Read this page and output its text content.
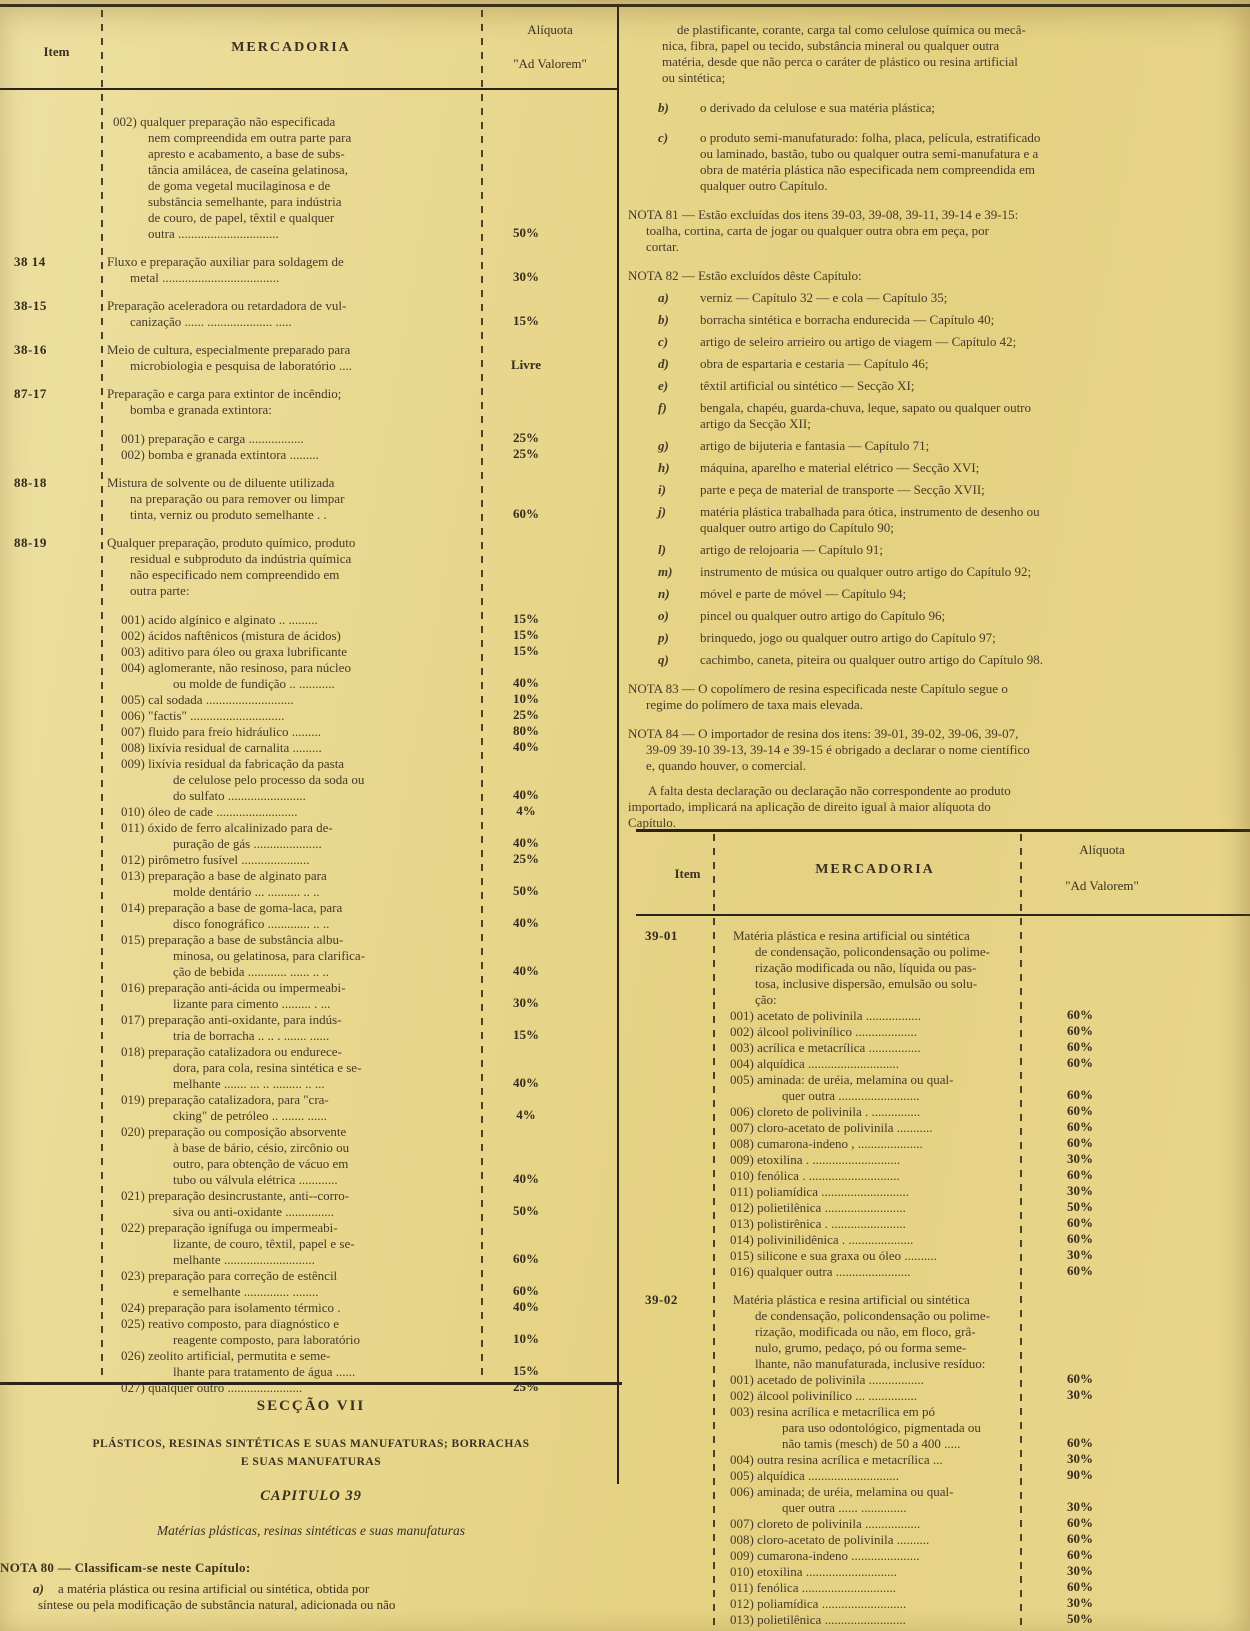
Item	MERCADORIA
Alíquota
"Ad Valorem"
002) qualquer preparação não especificada
nem compreendida em outra parte para
apresto e acabamento, a base de subs-
tância amilácea, de caseína gelatinosa,
de goma vegetal mucilaginosa e de
substância semelhante, para indústria
de couro, de papel, têxtil e qualquer
outra ...............................	50%
38 14	Fluxo e preparação auxiliar para soldagem de
metal ....................................	30%
38-15	Preparação aceleradora ou retardadora de vul-
canização ...... .................... .....	15%
38-16	Meio de cultura, especialmente preparado para
microbiologia e pesquisa de laboratório ....	Livre
87-17	Preparação e carga para extintor de incêndio;
bomba e granada extintora:
001) preparação e carga .................	25%
002) bomba e granada extintora .........	25%
88-18	Mistura de solvente ou de diluente utilizada
na preparação ou para remover ou limpar
tinta, verniz ou produto semelhante . .	60%
88-19	Qualquer preparação, produto químico, produto
residual e subproduto da indústria química
não especificado nem compreendido em
outra parte:
001) acido algínico e alginato .. .........	15%
002) ácidos naftênicos (mistura de ácidos)	15%
003) aditivo para óleo ou graxa lubrificante	15%
004) aglomerante, não resinoso, para núcleo
ou molde de fundição .. ...........	40%
005) cal sodada ...........................	10%
006) "factis" .............................	25%
007) fluido para freio hidráulico .........	80%
008) lixívia residual de carnalita .........	40%
009) lixívia residual da fabricação da pasta
de celulose pelo processo da soda ou
do sulfato ........................	40%
010) óleo de cade .........................	4%
011) óxido de ferro alcalinizado para de-
puração de gás .....................	40%
012) pirômetro fusível .....................	25%
013) preparação a base de alginato para
molde dentário ... .......... .. ..	50%
014) preparação a base de goma-laca, para
disco fonográfico ............. .. ..	40%
015) preparação a base de substância albu-
minosa, ou gelatinosa, para clarifica-
ção de bebida ............ ...... .. ..	40%
016) preparação anti-ácida ou impermeabi-
lizante para cimento ......... . ...	30%
017) preparação anti-oxidante, para indús-
tria de borracha .. .. . ....... ......	15%
018) preparação catalizadora ou endurece-
dora, para cola, resina sintética e se-
melhante ....... ... .. ......... .. ...	40%
019) preparação catalizadora, para "cra-
cking" de petróleo .. ....... ......	4%
020) preparação ou composição absorvente
à base de bário, césio, zircônio ou
outro, para obtenção de vácuo em
tubo ou válvula elétrica ............	40%
021) preparação desincrustante, anti--corro-
siva ou anti-oxidante ...............	50%
022) preparação ignífuga ou impermeabi-
lizante, de couro, têxtil, papel e se-
melhante ............................	60%
023) preparação para correção de estêncil
e semelhante .............. ........	60%
024) preparação para isolamento térmico .	40%
025) reativo composto, para diagnóstico e
reagente composto, para laboratório	10%
026) zeolito artificial, permutita e seme-
lhante para tratamento de água ......	15%
027) qualquer outro .......................	25%
SECÇÃO VII
PLÁSTICOS, RESINAS SINTÉTICAS E SUAS MANUFATURAS; BORRACHAS
E SUAS MANUFATURAS
CAPITULO 39
Matérias plásticas, resinas sintéticas e suas manufaturas
NOTA 80 — Classificam-se neste Capítulo:
a)	a matéria plástica ou resina artificial ou sintética, obtida por
síntese ou pela modificação de substância natural, adicionada ou não
de plastificante, corante, carga tal como celulose química ou mecâ-
nica, fibra, papel ou tecido, substância mineral ou qualquer outra
matéria, desde que não perca o caráter de plástico ou resina artificial
ou sintética;
b) o derivado da celulose e sua matéria plástica;
c) o produto semi-manufaturado: folha, placa, película, estratificado
ou laminado, bastão, tubo ou qualquer outra semi-manufatura e a
obra de matéria plástica não especificada nem compreendida em
qualquer outro Capítulo.
NOTA 81 — Estão excluídas dos itens 39-03, 39-08, 39-11, 39-14 e 39-15:
toalha, cortina, carta de jogar ou qualquer outra obra em peça, por
cortar.
NOTA 82 — Estão excluídos dêste Capítulo:
a) verniz — Capítulo 32 — e cola — Capítulo 35;
b) borracha sintética e borracha endurecida — Capítulo 40;
c) artigo de seleiro arrieiro ou artigo de viagem — Capítulo 42;
d) obra de espartaria e cestaria — Capítulo 46;
e) têxtil artificial ou sintético — Secção XI;
f)	bengala, chapéu, guarda-chuva, leque, sapato ou qualquer outro
artigo da Secção XII;
g) artigo de bijuteria e fantasia — Capítulo 71;
h) máquina, aparelho e material elétrico — Secção XVI;
i)	parte e peça de material de transporte — Secção XVII;
j)	matéria plástica trabalhada para ótica, instrumento de desenho ou
qualquer outro artigo do Capítulo 90;
l)	artigo de relojoaria — Capítulo 91;
m) instrumento de música ou qualquer outro artigo do Capítulo 92;
n) móvel e parte de móvel — Capítulo 94;
o) pincel ou qualquer outro artigo do Capítulo 96;
p) brinquedo, jogo ou qualquer outro artigo do Capítulo 97;
q) cachimbo, caneta, piteira ou qualquer outro artigo do Capítulo 98.
NOTA 83 — O copolímero de resina especificada neste Capítulo segue o
regime do polímero de taxa mais elevada.
NOTA 84 — O importador de resina dos itens: 39-01, 39-02, 39-06, 39-07,
39-09 39-10 39-13, 39-14 e 39-15 é obrigado a declarar o nome científico
e, quando houver, o comercial.
A falta desta declaração ou declaração não correspondente ao produto
importado, implicará na aplicação de direito igual à maior alíquota do
Capítulo.
Item	MERCADORIA
Alíquota
"Ad Valorem"
39-01	Matéria plástica e resina artificial ou sintética
de condensação, policondensação ou polime-
rização modificada ou não, líquida ou pas-
tosa, inclusive dispersão, emulsão ou solu-
ção:
001) acetato de polivinila .................	60%
002) álcool polivinílico ...................	60%
003) acrílica e metacrílica ................	60%
004) alquídica ............................	60%
005) aminada: de uréia, melamina ou qual-
quer outra .........................	60%
006) cloreto de polivinila . ...............	60%
007) cloro-acetato de polivinila ...........	60%
008) cumarona-indeno , ....................	60%
009) etoxilina . ...........................	30%
010) fenólica . ............................	60%
011) poliamídica ...........................	30%
012) polietilênica .........................	50%
013) polistirênica . .......................	60%
014) polivinilidênica . ....................	60%
015) silicone e sua graxa ou óleo ..........	30%
016) qualquer outra .......................	60%
39-02	Matéria plástica e resina artificial ou sintética
de condensação, policondensação ou polime-
rização, modificada ou não, em floco, grâ-
nulo, grumo, pedaço, pó ou forma seme-
lhante, não manufaturada, inclusive resíduo:
001) acetado de polivinila .................	60%
002) álcool polivinílico ... ...............	30%
003) resina acrílica e metacrílica em pó
para uso odontológico, pigmentada ou
não tamis (mesch) de 50 a 400 .....	60%
004) outra resina acrílica e metacrílica ...	30%
005) alquídica ............................	90%
006) aminada; de uréia, melamina ou qual-
quer outra ...... ..............	30%
007) cloreto de polivinila .................	60%
008) cloro-acetato de polivinila ..........	60%
009) cumarona-indeno .....................	60%
010) etoxilina ............................	30%
011) fenólica .............................	60%
012) poliamídica ..........................	30%
013) polietilênica .........................	50%
